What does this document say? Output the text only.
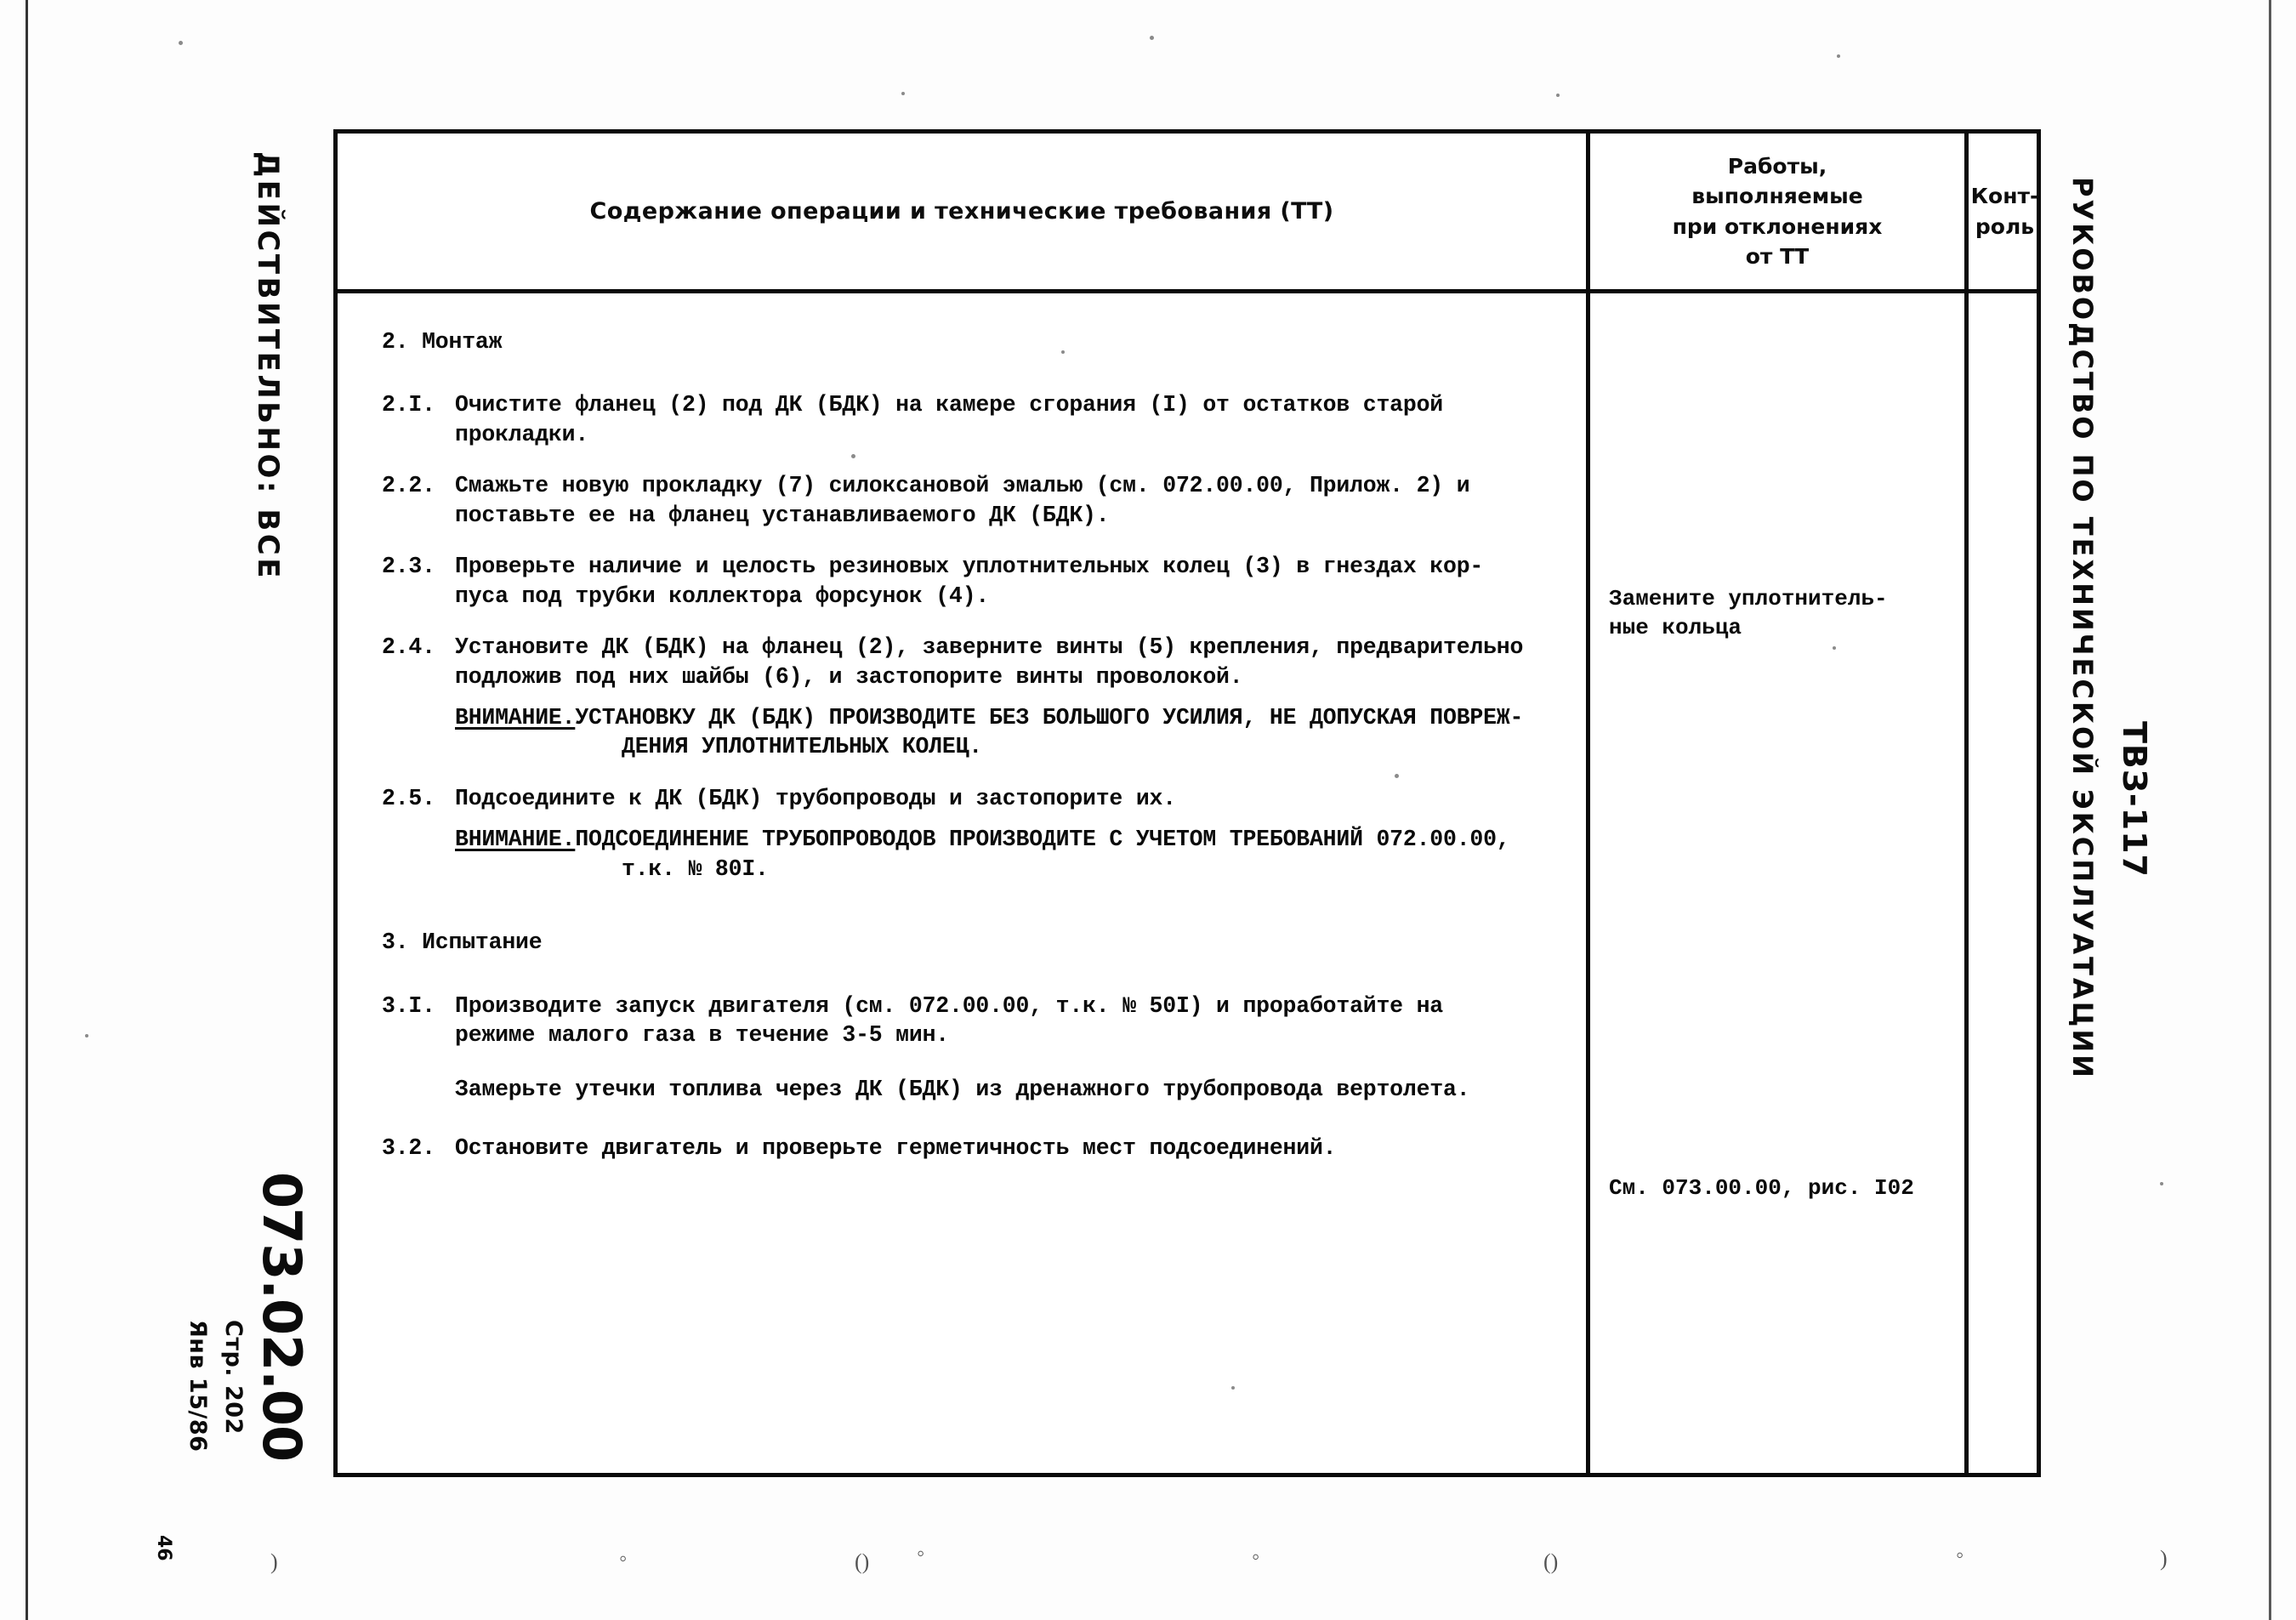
ДЕЙСТВИТЕЛЬНО: ВСЕ
073.02.00
Стр. 202
Янв 15/86
46
РУКОВОДСТВО ПО ТЕХНИЧЕСКОЙ ЭКСПЛУАТАЦИИ ТВЗ-117
Содержание операции и технические требования (ТТ)
Работы,
выполняемые
при отклонениях
от ТТ
Конт-
роль
2. Монтаж
2.I. Очистите фланец (2) под ДК (БДК) на камере сгорания (I) от остатков старой
прокладки.
2.2. Смажьте новую прокладку (7) силоксановой эмалью (см. 072.00.00, Прилож. 2) и
поставьте ее на фланец устанавливаемого ДК (БДК).
2.3. Проверьте наличие и целость резиновых уплотнительных колец (3) в гнездах кор-
пуса под трубки коллектора форсунок (4).
2.4. Установите ДК (БДК) на фланец (2), заверните винты (5) крепления, предварительно
подложив под них шайбы (6), и застопорите винты проволокой.
ВНИМАНИЕ. УСТАНОВКУ ДК (БДК) ПРОИЗВОДИТЕ БЕЗ БОЛЬШОГО УСИЛИЯ, НЕ ДОПУСКАЯ ПОВРЕЖ-
ДЕНИЯ УПЛОТНИТЕЛЬНЫХ КОЛЕЦ.
2.5. Подсоедините к ДК (БДК) трубопроводы и застопорите их.
ВНИМАНИЕ. ПОДСОЕДИНЕНИЕ ТРУБОПРОВОДОВ ПРОИЗВОДИТЕ С УЧЕТОМ ТРЕБОВАНИЙ 072.00.00,
т.к. № 80I.
3. Испытание
3.I. Производите запуск двигателя (см. 072.00.00, т.к. № 50I) и проработайте на
режиме малого газа в течение 3-5 мин.
Замерьте утечки топлива через ДК (БДК) из дренажного трубопровода вертолета.
3.2. Остановите двигатель и проверьте герметичность мест подсоединений.
Замените уплотнитель-
ные кольца
См. 073.00.00, рис. I02
)	◦	() ◦	◦	()	◦	)
